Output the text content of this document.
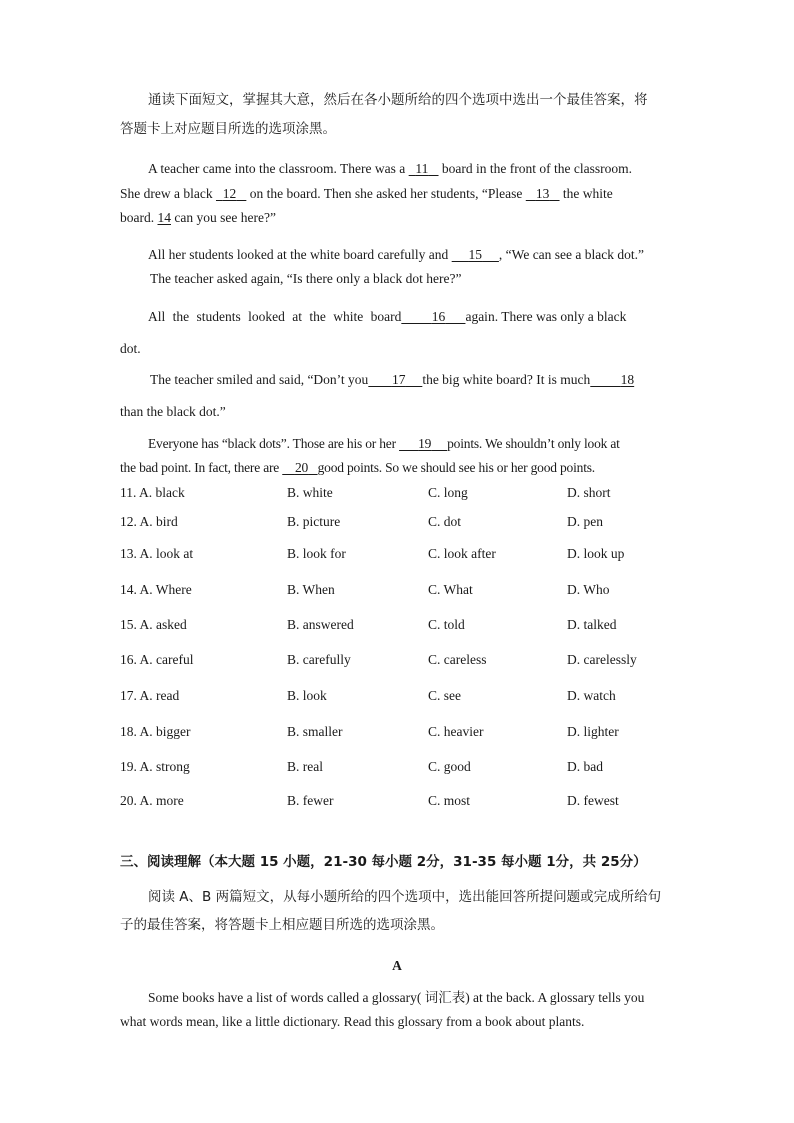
通读下面短文，掌握其大意，然后在各小题所给的四个选项中选出一个最佳答案，将
答题卡上对应题目所选的选项涂黑。
A teacher came into the classroom. There was a   11    board in the front of the classroom.
She drew a black   12    on the board. Then she asked her students, “Please    13    the white
board. 14 can you see here?”
All her students looked at the white board carefully and      15 , “We can see a black dot.”
The teacher asked again, “Is there only a black dot here?”
All the students looked at the white board 16 again. There was only a black
dot.
The teacher smiled and said, “Don’t you 17 the big white board? It is much 18
than the black dot.”
Everyone has “black dots”. Those are his or her       19 points. We shouldn’t only look at
the bad point. In fact, there are     20 good points. So we should see his or her good points.
11. A. black	B. white	C. long	D. short
12. A. bird	B. picture	C. dot	D. pen
13. A. look at	B. look for	C. look after	D. look up
14. A. Where	B. When	C. What	D. Who
15. A. asked	B. answered	C. told	D. talked
16. A. careful	B. carefully	C. careless	D. carelessly
17. A. read	B. look	C. see	D. watch
18. A. bigger	B. smaller	C. heavier	D. lighter
19. A. strong	B. real	C. good	D. bad
20. A. more	B. fewer	C. most	D. fewest
三、阅读理解（本大题 15 小题，21-30 每小题 2分，31-35 每小题 1分，共 25分）
阅读 A、B 两篇短文，从每小题所给的四个选项中，选出能回答所提问题或完成所给句
子的最佳答案，将答题卡上相应题目所选的选项涂黑。
A
Some books have a list of words called a glossary( 词汇表) at the back. A glossary tells you
what words mean, like a little dictionary. Read this glossary from a book about plants.
